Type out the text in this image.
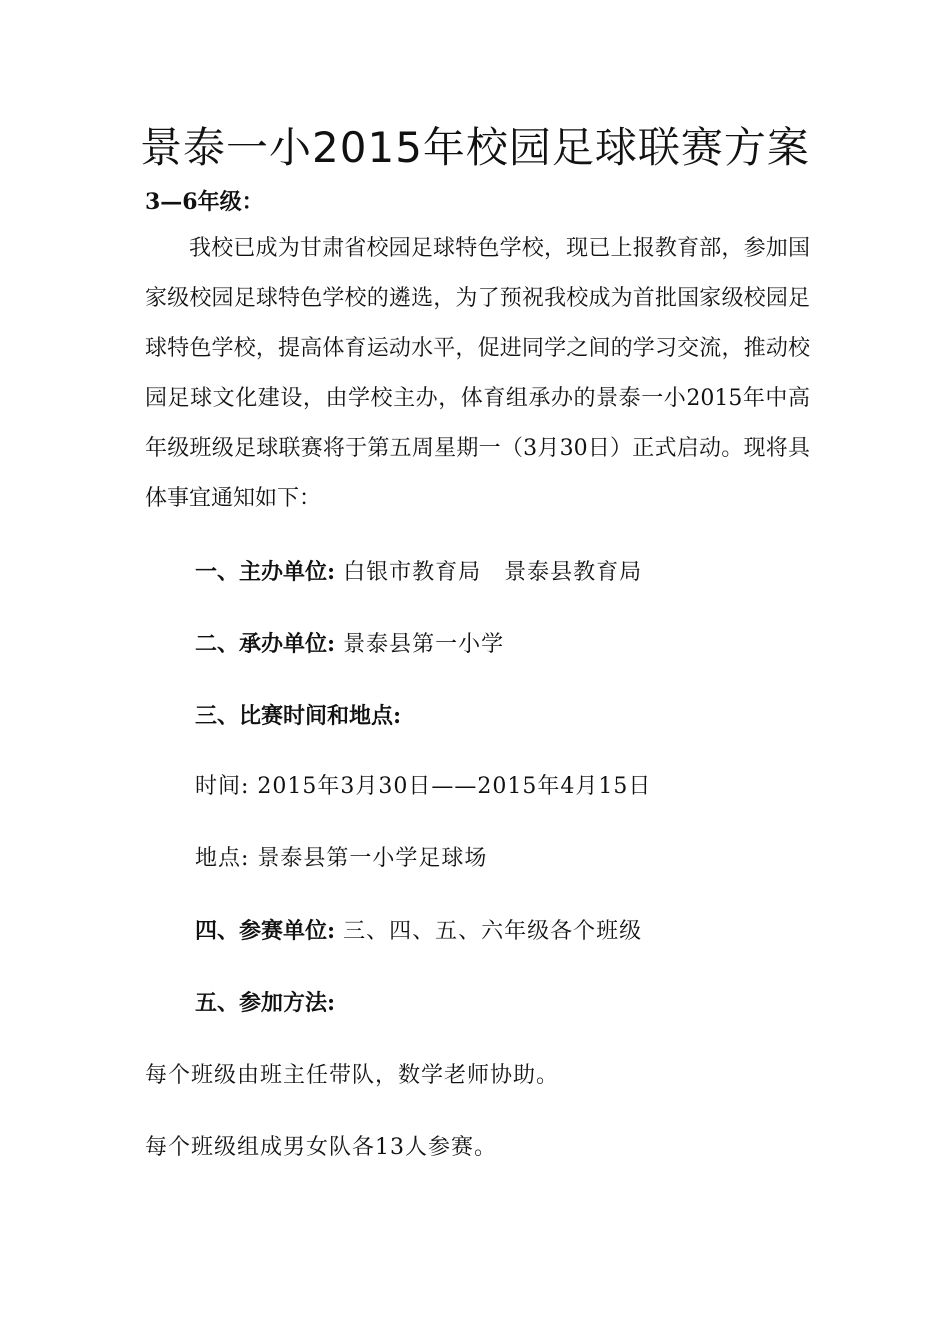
景泰一小2015年校园足球联赛方案
3—6年级：

我校已成为甘肃省校园足球特色学校，现已上报教育部，参加国家级校园足球特色学校的遴选，为了预祝我校成为首批国家级校园足球特色学校，提高体育运动水平，促进同学之间的学习交流，推动校园足球文化建设，由学校主办，体育组承办的景泰一小2015年中高年级班级足球联赛将于第五周星期一（3月30日）正式启动。现将具体事宜通知如下：

一、主办单位: 白银市教育局　景泰县教育局
二、承办单位: 景泰县第一小学
三、比赛时间和地点:
时间: 2015年3月30日——2015年4月15日
地点: 景泰县第一小学足球场
四、参赛单位: 三、四、五、六年级各个班级
五、参加方法:
每个班级由班主任带队，数学老师协助。
每个班级组成男女队各13人参赛。
